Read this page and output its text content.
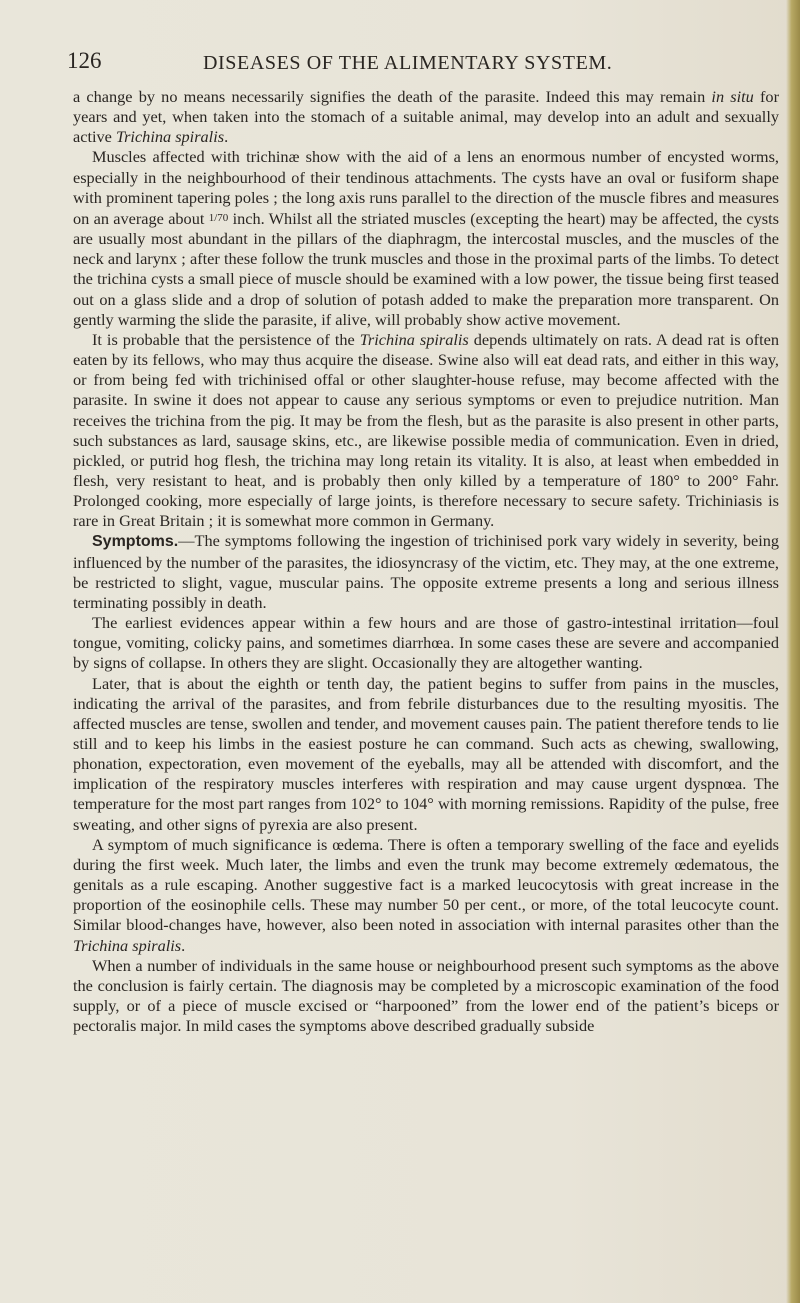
126	DISEASES OF THE ALIMENTARY SYSTEM.

a change by no means necessarily signifies the death of the parasite. Indeed this may remain in situ for years and yet, when taken into the stomach of a suitable animal, may develop into an adult and sexually active Trichina spiralis.

Muscles affected with trichinæ show with the aid of a lens an enormous number of encysted worms, especially in the neighbourhood of their tendinous attachments. The cysts have an oval or fusiform shape with prominent tapering poles ; the long axis runs parallel to the direction of the muscle fibres and measures on an average about 1/70 inch. Whilst all the striated muscles (excepting the heart) may be affected, the cysts are usually most abundant in the pillars of the diaphragm, the intercostal muscles, and the muscles of the neck and larynx ; after these follow the trunk muscles and those in the proximal parts of the limbs. To detect the trichina cysts a small piece of muscle should be examined with a low power, the tissue being first teased out on a glass slide and a drop of solution of potash added to make the preparation more transparent. On gently warming the slide the parasite, if alive, will probably show active movement.

It is probable that the persistence of the Trichina spiralis depends ultimately on rats. A dead rat is often eaten by its fellows, who may thus acquire the disease. Swine also will eat dead rats, and either in this way, or from being fed with trichinised offal or other slaughter-house refuse, may become affected with the parasite. In swine it does not appear to cause any serious symptoms or even to prejudice nutrition. Man receives the trichina from the pig. It may be from the flesh, but as the parasite is also present in other parts, such substances as lard, sausage skins, etc., are likewise possible media of communication. Even in dried, pickled, or putrid hog flesh, the trichina may long retain its vitality. It is also, at least when embedded in flesh, very resistant to heat, and is probably then only killed by a temperature of 180° to 200° Fahr. Prolonged cooking, more especially of large joints, is therefore necessary to secure safety. Trichiniasis is rare in Great Britain ; it is somewhat more common in Germany.

Symptoms.—The symptoms following the ingestion of trichinised pork vary widely in severity, being influenced by the number of the parasites, the idiosyncrasy of the victim, etc. They may, at the one extreme, be restricted to slight, vague, muscular pains. The opposite extreme presents a long and serious illness terminating possibly in death.

The earliest evidences appear within a few hours and are those of gastro-intestinal irritation—foul tongue, vomiting, colicky pains, and sometimes diarrhœa. In some cases these are severe and accompanied by signs of collapse. In others they are slight. Occasionally they are altogether wanting.

Later, that is about the eighth or tenth day, the patient begins to suffer from pains in the muscles, indicating the arrival of the parasites, and from febrile disturbances due to the resulting myositis. The affected muscles are tense, swollen and tender, and movement causes pain. The patient therefore tends to lie still and to keep his limbs in the easiest posture he can command. Such acts as chewing, swallowing, phonation, expectoration, even movement of the eyeballs, may all be attended with discomfort, and the implication of the respiratory muscles interferes with respiration and may cause urgent dyspnœa. The temperature for the most part ranges from 102° to 104° with morning remissions. Rapidity of the pulse, free sweating, and other signs of pyrexia are also present.

A symptom of much significance is œdema. There is often a temporary swelling of the face and eyelids during the first week. Much later, the limbs and even the trunk may become extremely œdematous, the genitals as a rule escaping. Another suggestive fact is a marked leucocytosis with great increase in the proportion of the eosinophile cells. These may number 50 per cent., or more, of the total leucocyte count. Similar blood-changes have, however, also been noted in association with internal parasites other than the Trichina spiralis.

When a number of individuals in the same house or neighbourhood present such symptoms as the above the conclusion is fairly certain. The diagnosis may be completed by a microscopic examination of the food supply, or of a piece of muscle excised or “harpooned” from the lower end of the patient’s biceps or pectoralis major. In mild cases the symptoms above described gradually subside
